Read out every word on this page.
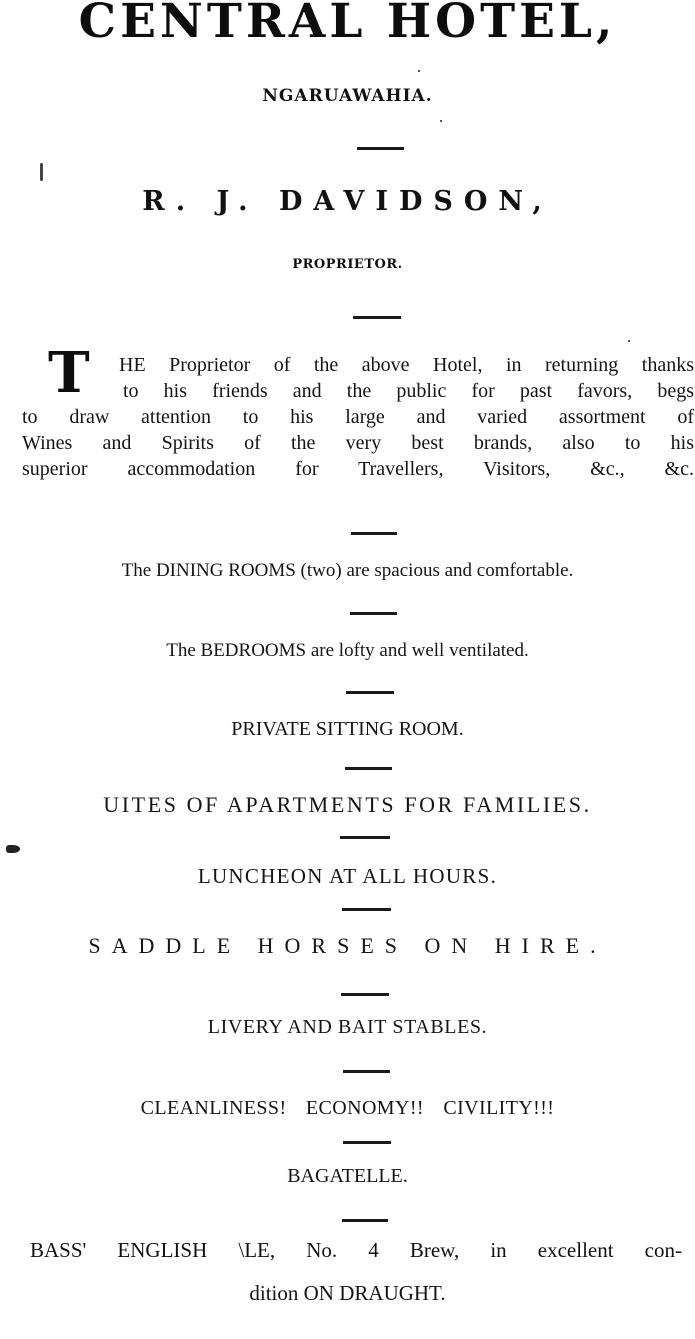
CENTRAL HOTEL,
NGARUAWAHIA.
R. J. DAVIDSON,
PROPRIETOR.
T	HE Proprietor of the above Hotel, in returning thanks
to his friends and the public for past favors, begs
to draw attention to his large and varied assortment of
Wines and Spirits of the very best brands, also to his
superior accommodation for Travellers, Visitors, &c., &c.
The DINING ROOMS (two) are spacious and comfortable.
The BEDROOMS are lofty and well ventilated.
PRIVATE SITTING ROOM.
UITES OF APARTMENTS FOR FAMILIES.
LUNCHEON AT ALL HOURS.
SADDLE HORSES ON HIRE.
LIVERY AND BAIT STABLES.
CLEANLINESS! ECONOMY!! CIVILITY!!!
BAGATELLE.
BASS' ENGLISH \LE, No. 4 Brew, in excellent con-
dition ON DRAUGHT.
